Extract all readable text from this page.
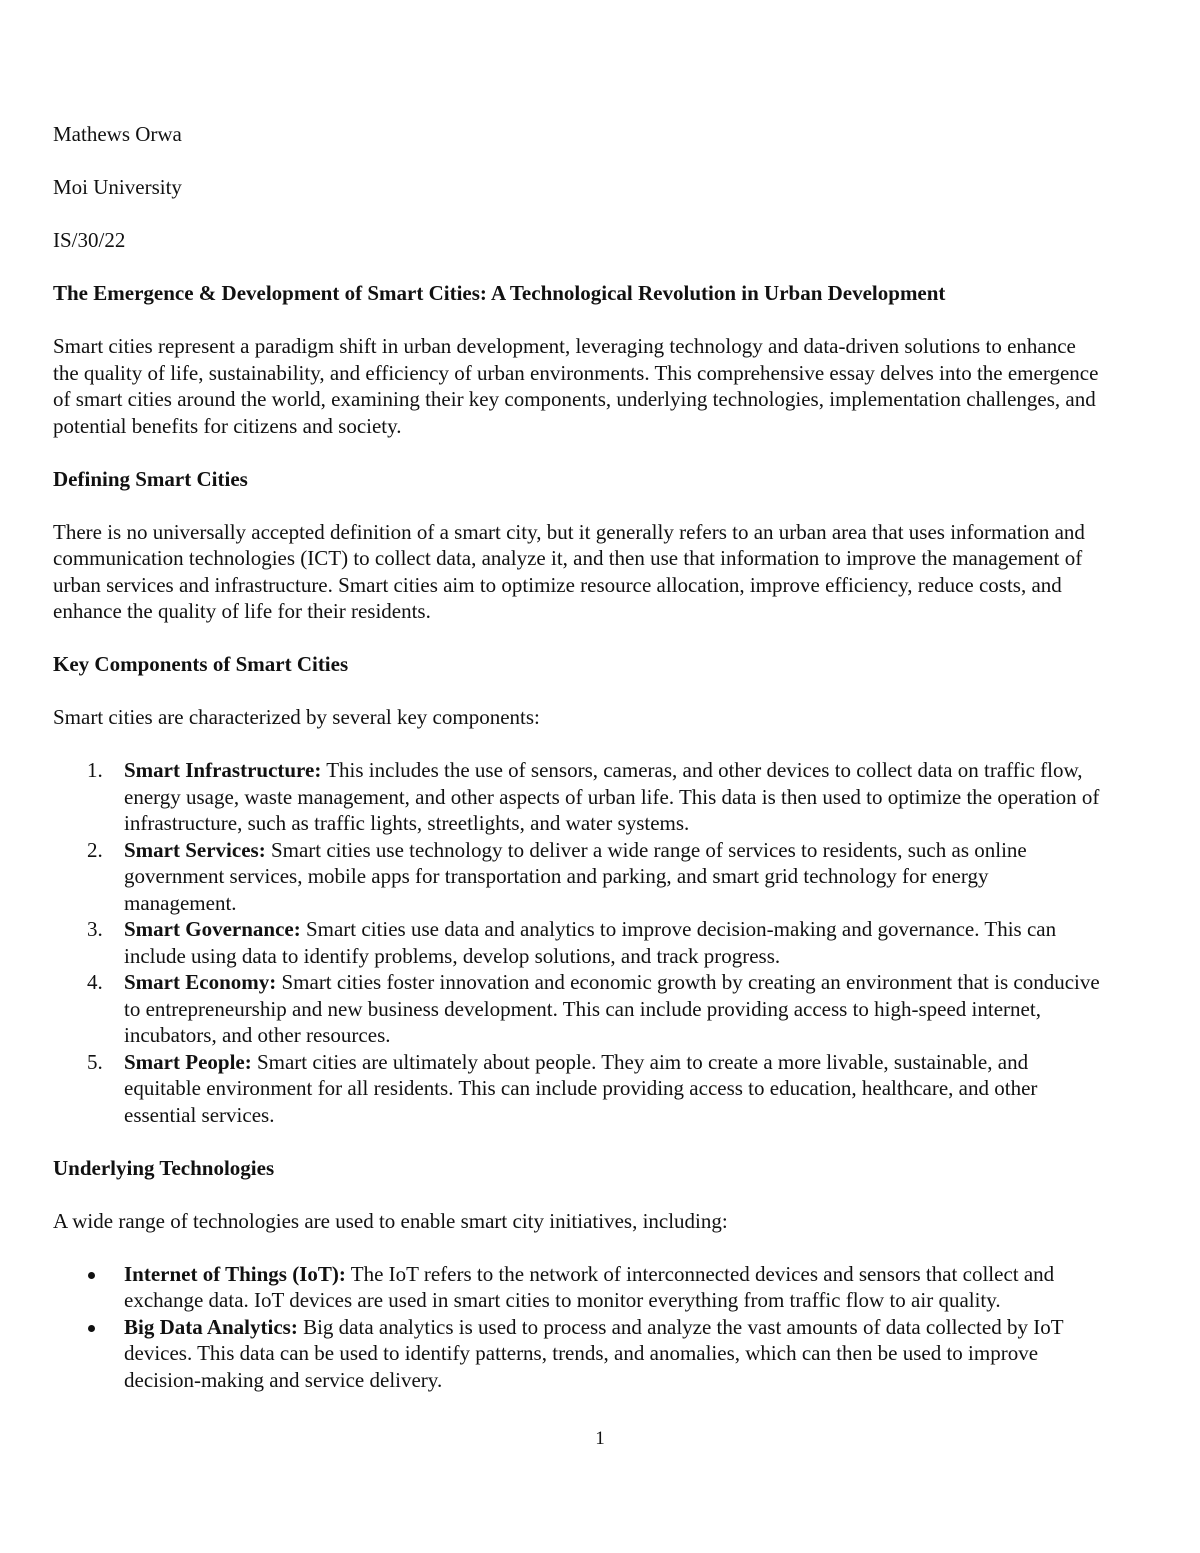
Mathews Orwa
Moi University
IS/30/22
The Emergence & Development of Smart Cities: A Technological Revolution in Urban Development

Smart cities represent a paradigm shift in urban development, leveraging technology and data-driven solutions to enhance the quality of life, sustainability, and efficiency of urban environments. This comprehensive essay delves into the emergence of smart cities around the world, examining their key components, underlying technologies, implementation challenges, and potential benefits for citizens and society.

Defining Smart Cities

There is no universally accepted definition of a smart city, but it generally refers to an urban area that uses information and communication technologies (ICT) to collect data, analyze it, and then use that information to improve the management of urban services and infrastructure. Smart cities aim to optimize resource allocation, improve efficiency, reduce costs, and enhance the quality of life for their residents.

Key Components of Smart Cities

Smart cities are characterized by several key components:

1. Smart Infrastructure: This includes the use of sensors, cameras, and other devices to collect data on traffic flow, energy usage, waste management, and other aspects of urban life. This data is then used to optimize the operation of infrastructure, such as traffic lights, streetlights, and water systems.
2. Smart Services: Smart cities use technology to deliver a wide range of services to residents, such as online government services, mobile apps for transportation and parking, and smart grid technology for energy management.
3. Smart Governance: Smart cities use data and analytics to improve decision-making and governance. This can include using data to identify problems, develop solutions, and track progress.
4. Smart Economy: Smart cities foster innovation and economic growth by creating an environment that is conducive to entrepreneurship and new business development. This can include providing access to high-speed internet, incubators, and other resources.
5. Smart People: Smart cities are ultimately about people. They aim to create a more livable, sustainable, and equitable environment for all residents. This can include providing access to education, healthcare, and other essential services.
Underlying Technologies

A wide range of technologies are used to enable smart city initiatives, including:

Internet of Things (IoT): The IoT refers to the network of interconnected devices and sensors that collect and exchange data. IoT devices are used in smart cities to monitor everything from traffic flow to air quality.
Big Data Analytics: Big data analytics is used to process and analyze the vast amounts of data collected by IoT devices. This data can be used to identify patterns, trends, and anomalies, which can then be used to improve decision-making and service delivery.
1
